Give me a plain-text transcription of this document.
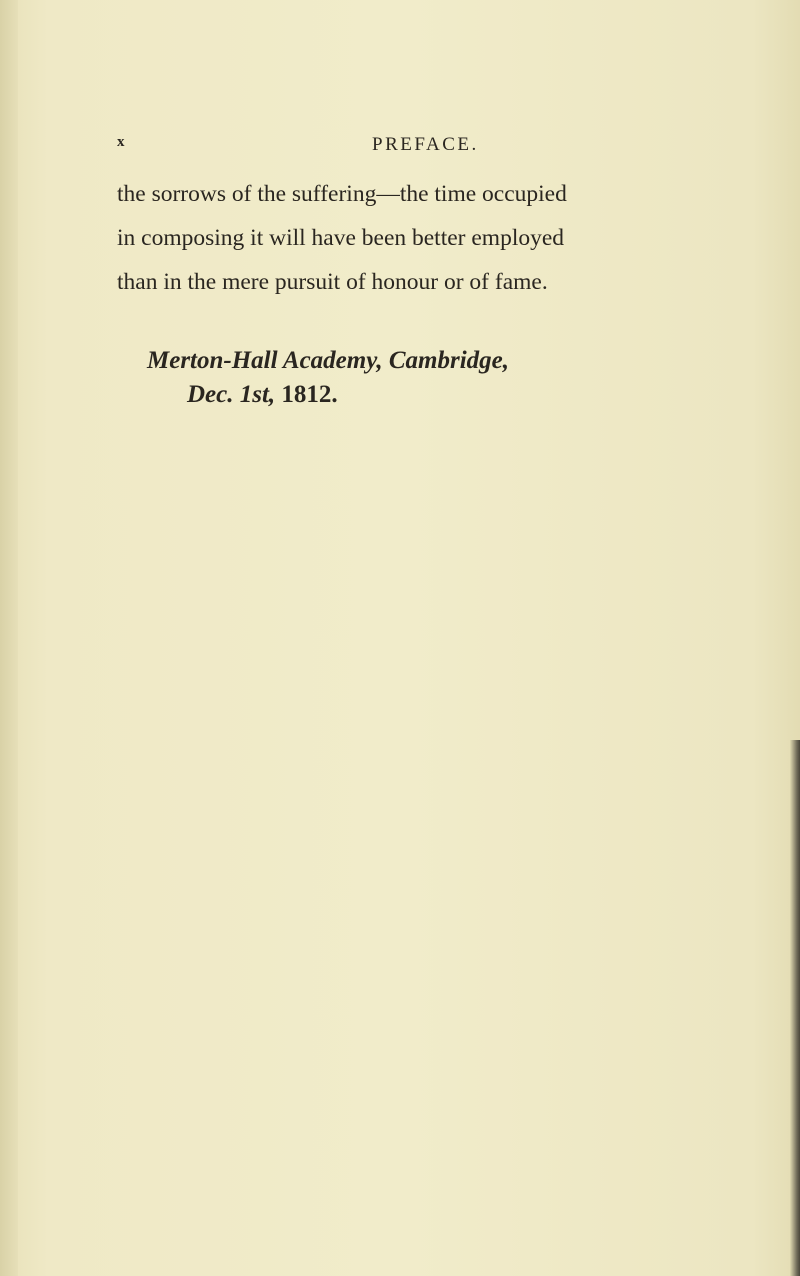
x	PREFACE.
the sorrows of the suffering—the time occupied
in composing it will have been better employed
than in the mere pursuit of honour or of fame.
Merton-Hall Academy, Cambridge,
Dec. 1st, 1812.
